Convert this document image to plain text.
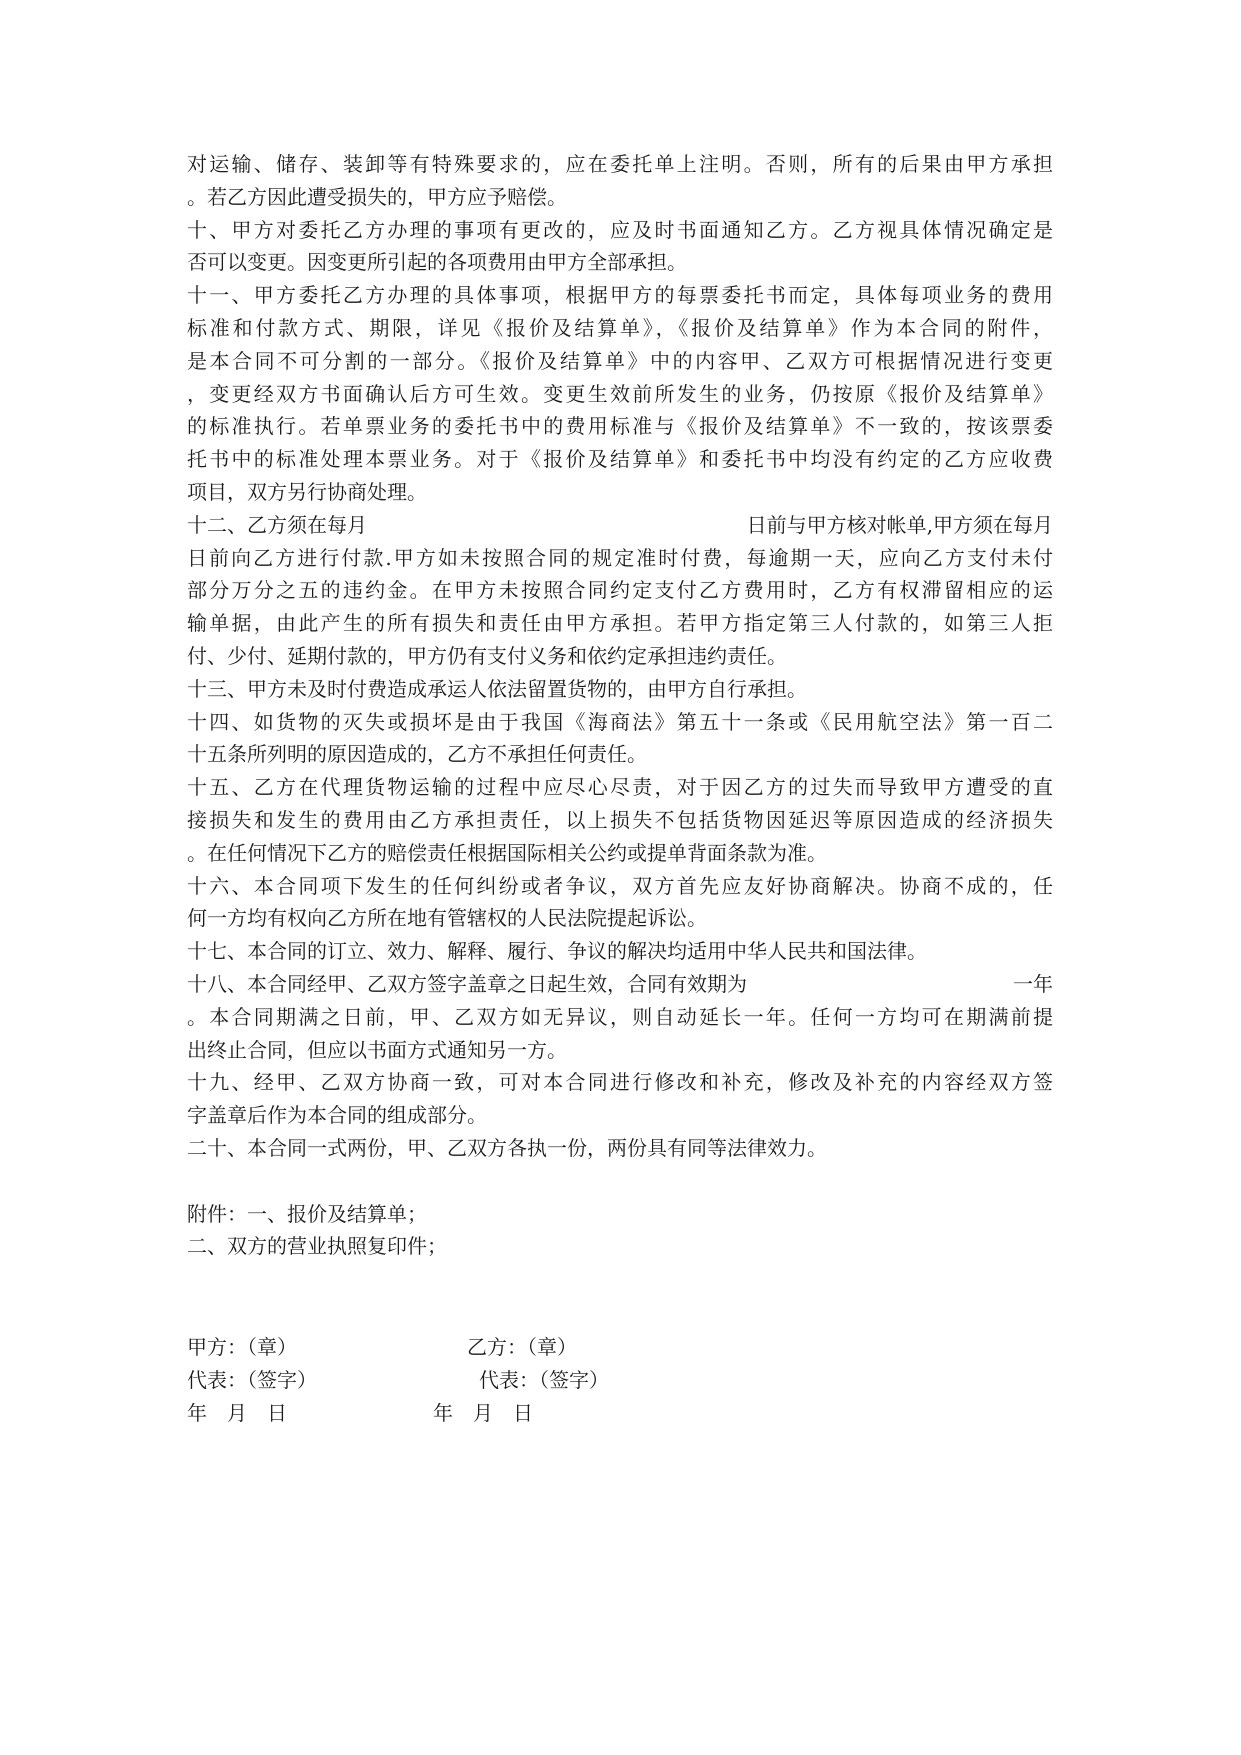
对运输、储存、装卸等有特殊要求的，应在委托单上注明。否则，所有的后果由甲方承担
。若乙方因此遭受损失的，甲方应予赔偿。
十、甲方对委托乙方办理的事项有更改的，应及时书面通知乙方。乙方视具体情况确定是
否可以变更。因变更所引起的各项费用由甲方全部承担。
十一、甲方委托乙方办理的具体事项，根据甲方的每票委托书而定，具体每项业务的费用
标准和付款方式、期限，详见《报价及结算单》，《报价及结算单》作为本合同的附件，
是本合同不可分割的一部分。《报价及结算单》中的内容甲、乙双方可根据情况进行变更
，变更经双方书面确认后方可生效。变更生效前所发生的业务，仍按原《报价及结算单》
的标准执行。若单票业务的委托书中的费用标准与《报价及结算单》不一致的，按该票委
托书中的标准处理本票业务。对于《报价及结算单》和委托书中均没有约定的乙方应收费
项目，双方另行协商处理。
十二、乙方须在每月	日前与甲方核对帐单,甲方须在每月
日前向乙方进行付款.甲方如未按照合同的规定准时付费，每逾期一天，应向乙方支付未付
部分万分之五的违约金。在甲方未按照合同约定支付乙方费用时，乙方有权滞留相应的运
输单据，由此产生的所有损失和责任由甲方承担。若甲方指定第三人付款的，如第三人拒
付、少付、延期付款的，甲方仍有支付义务和依约定承担违约责任。
十三、甲方未及时付费造成承运人依法留置货物的，由甲方自行承担。
十四、如货物的灭失或损坏是由于我国《海商法》第五十一条或《民用航空法》第一百二
十五条所列明的原因造成的，乙方不承担任何责任。
十五、乙方在代理货物运输的过程中应尽心尽责，对于因乙方的过失而导致甲方遭受的直
接损失和发生的费用由乙方承担责任，以上损失不包括货物因延迟等原因造成的经济损失
。在任何情况下乙方的赔偿责任根据国际相关公约或提单背面条款为准。
十六、本合同项下发生的任何纠纷或者争议，双方首先应友好协商解决。协商不成的，任
何一方均有权向乙方所在地有管辖权的人民法院提起诉讼。
十七、本合同的订立、效力、解释、履行、争议的解决均适用中华人民共和国法律。
十八、本合同经甲、乙双方签字盖章之日起生效，合同有效期为	一年
。本合同期满之日前，甲、乙双方如无异议，则自动延长一年。任何一方均可在期满前提
出终止合同，但应以书面方式通知另一方。
十九、经甲、乙双方协商一致，可对本合同进行修改和补充，修改及补充的内容经双方签
字盖章后作为本合同的组成部分。
二十、本合同一式两份，甲、乙双方各执一份，两份具有同等法律效力。
附件：一、报价及结算单；
二、双方的营业执照复印件；
甲方：（章）	乙方：（章）
代表：（签字）	代表：（签字）
年　月　日	年　月　日
